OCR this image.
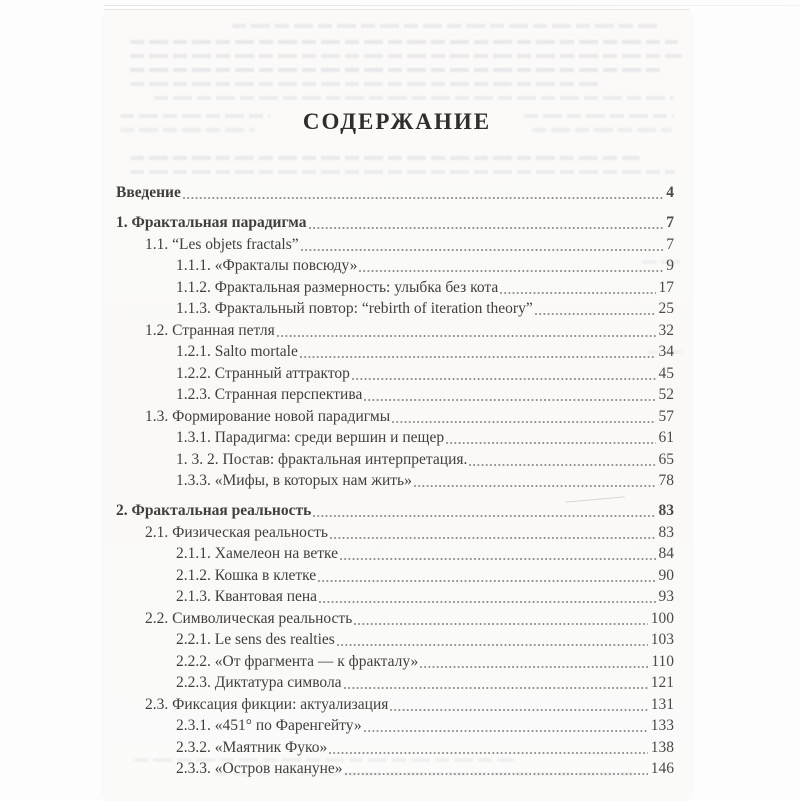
СОДЕРЖАНИЕ
Введение	4
1. Фрактальная парадигма	7
1.1. “Les objets fractals”	7
1.1.1. «Фракталы повсюду»	9
1.1.2. Фрактальная размерность: улыбка без кота	17
1.1.3. Фрактальный повтор: “rebirth of iteration theory”	25
1.2. Странная петля	32
1.2.1. Salto mortale	34
1.2.2. Странный аттрактор	45
1.2.3. Странная перспектива	52
1.3. Формирование новой парадигмы	57
1.3.1. Парадигма: среди вершин и пещер	61
1. 3. 2. Постав: фрактальная интерпретация.	65
1.3.3. «Мифы, в которых нам жить»	78
2. Фрактальная реальность	83
2.1. Физическая реальность	83
2.1.1. Хамелеон на ветке	84
2.1.2. Кошка в клетке	90
2.1.3. Квантовая пена	93
2.2. Символическая реальность	100
2.2.1. Le sens des realties	103
2.2.2. «От фрагмента — к фракталу»	110
2.2.3. Диктатура символа	121
2.3. Фиксация фикции: актуализация	131
2.3.1. «451° по Фаренгейту»	133
2.3.2. «Маятник Фуко»	138
2.3.3. «Остров накануне»	146
